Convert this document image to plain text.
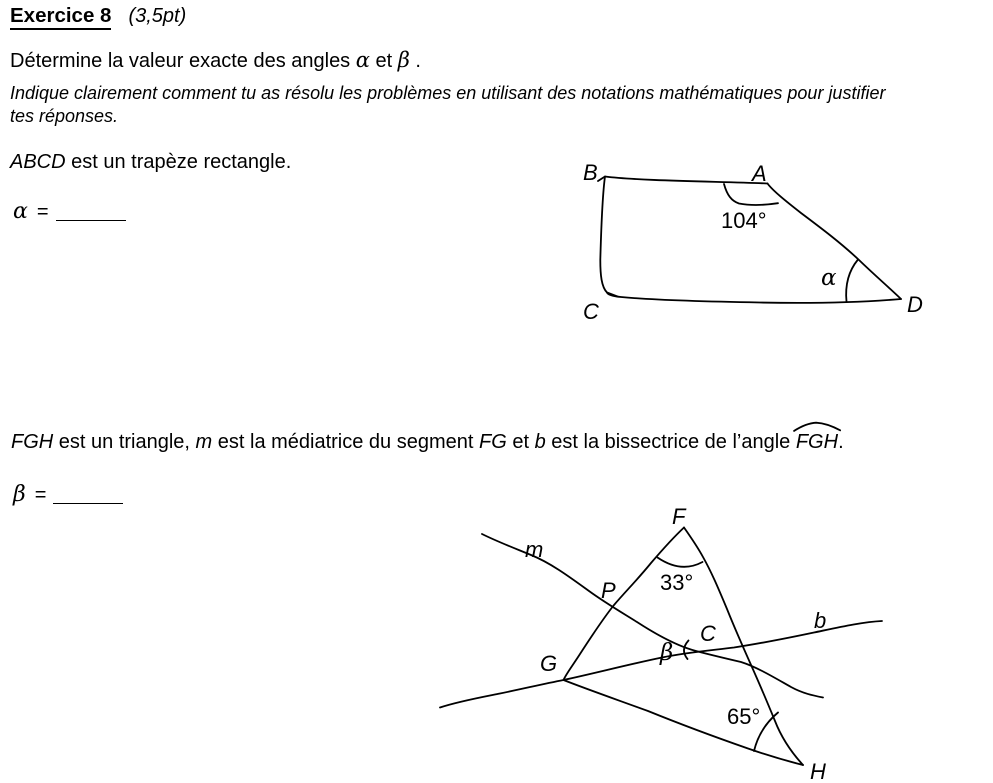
Exercice 8 (3,5pt)
Détermine la valeur exacte des angles α et β .
Indique clairement comment tu as résolu les problèmes en utilisant des notations mathématiques pour justifier
tes réponses.
ABCD est un trapèze rectangle.
α =
FGH est un triangle, m est la médiatrice du segment FG et b est la bissectrice de l’angle
FGH.
β =
B	A
C	D
104°
α
F
m
P 33°
b
C
β
G
65°
H
